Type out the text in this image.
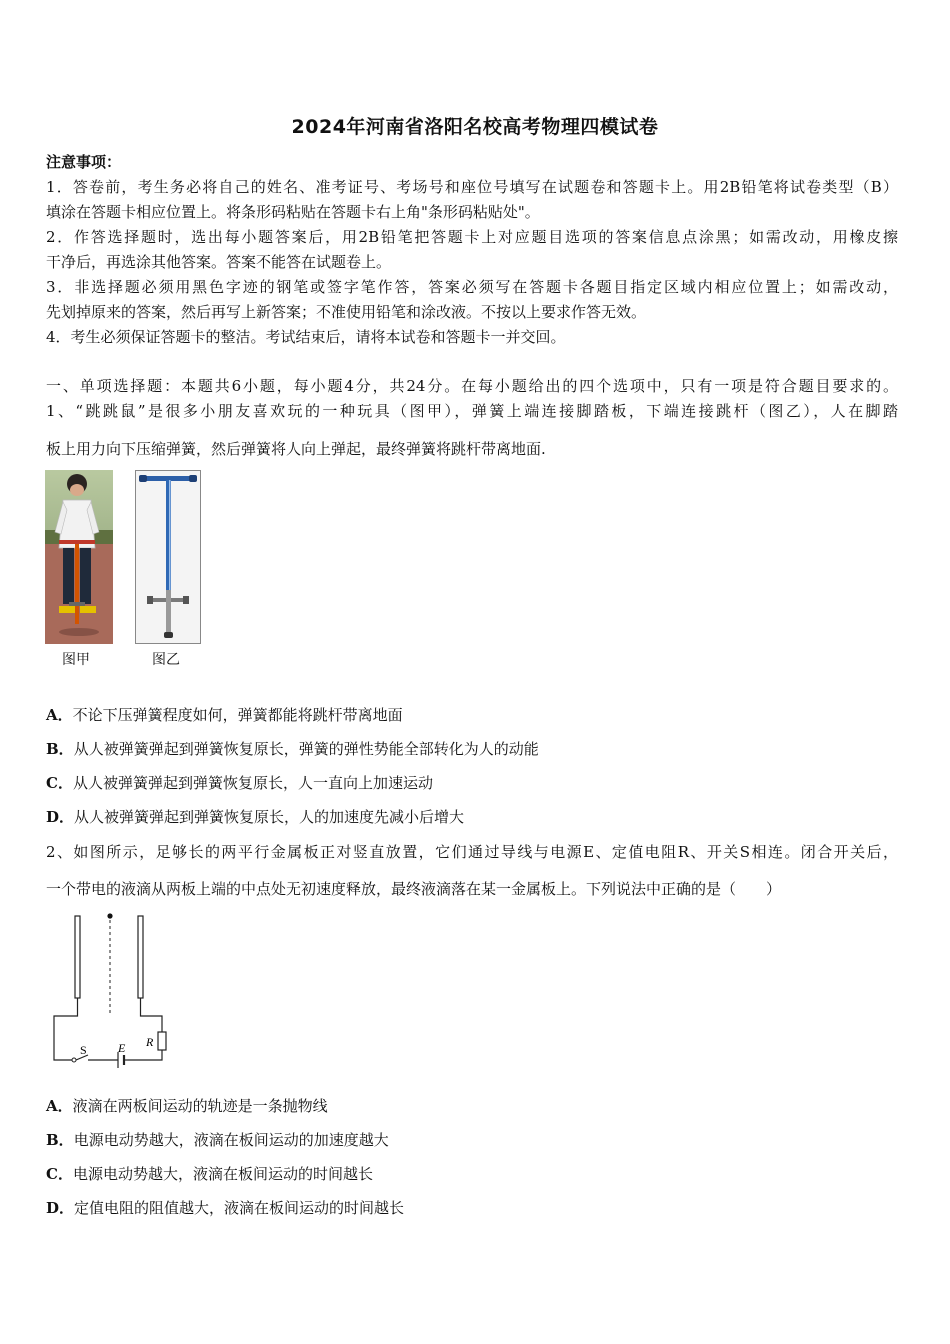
2024年河南省洛阳名校高考物理四模试卷
注意事项：
1．答卷前，考生务必将自己的姓名、准考证号、考场号和座位号填写在试题卷和答题卡上。用2B铅笔将试卷类型（B）
填涂在答题卡相应位置上。将条形码粘贴在答题卡右上角"条形码粘贴处"。
2．作答选择题时，选出每小题答案后，用2B铅笔把答题卡上对应题目选项的答案信息点涂黑；如需改动，用橡皮擦
干净后，再选涂其他答案。答案不能答在试题卷上。
3．非选择题必须用黑色字迹的钢笔或签字笔作答，答案必须写在答题卡各题目指定区域内相应位置上；如需改动，
先划掉原来的答案，然后再写上新答案；不准使用铅笔和涂改液。不按以上要求作答无效。
4．考生必须保证答题卡的整洁。考试结束后，请将本试卷和答题卡一并交回。
一、单项选择题：本题共6小题，每小题4分，共24分。在每小题给出的四个选项中，只有一项是符合题目要求的。
1、“跳跳鼠”是很多小朋友喜欢玩的一种玩具（图甲），弹簧上端连接脚踏板，下端连接跳杆（图乙），人在脚踏
板上用力向下压缩弹簧，然后弹簧将人向上弹起，最终弹簧将跳杆带离地面.
图甲	图乙
A．不论下压弹簧程度如何，弹簧都能将跳杆带离地面
B．从人被弹簧弹起到弹簧恢复原长，弹簧的弹性势能全部转化为人的动能
C．从人被弹簧弹起到弹簧恢复原长，人一直向上加速运动
D．从人被弹簧弹起到弹簧恢复原长，人的加速度先减小后增大
2、如图所示，足够长的两平行金属板正对竖直放置，它们通过导线与电源E、定值电阻R、开关S相连。闭合开关后，
一个带电的液滴从两板上端的中点处无初速度释放，最终液滴落在某一金属板上。下列说法中正确的是（　　）
S	E R
A．液滴在两板间运动的轨迹是一条抛物线
B．电源电动势越大，液滴在板间运动的加速度越大
C．电源电动势越大，液滴在板间运动的时间越长
D．定值电阻的阻值越大，液滴在板间运动的时间越长
